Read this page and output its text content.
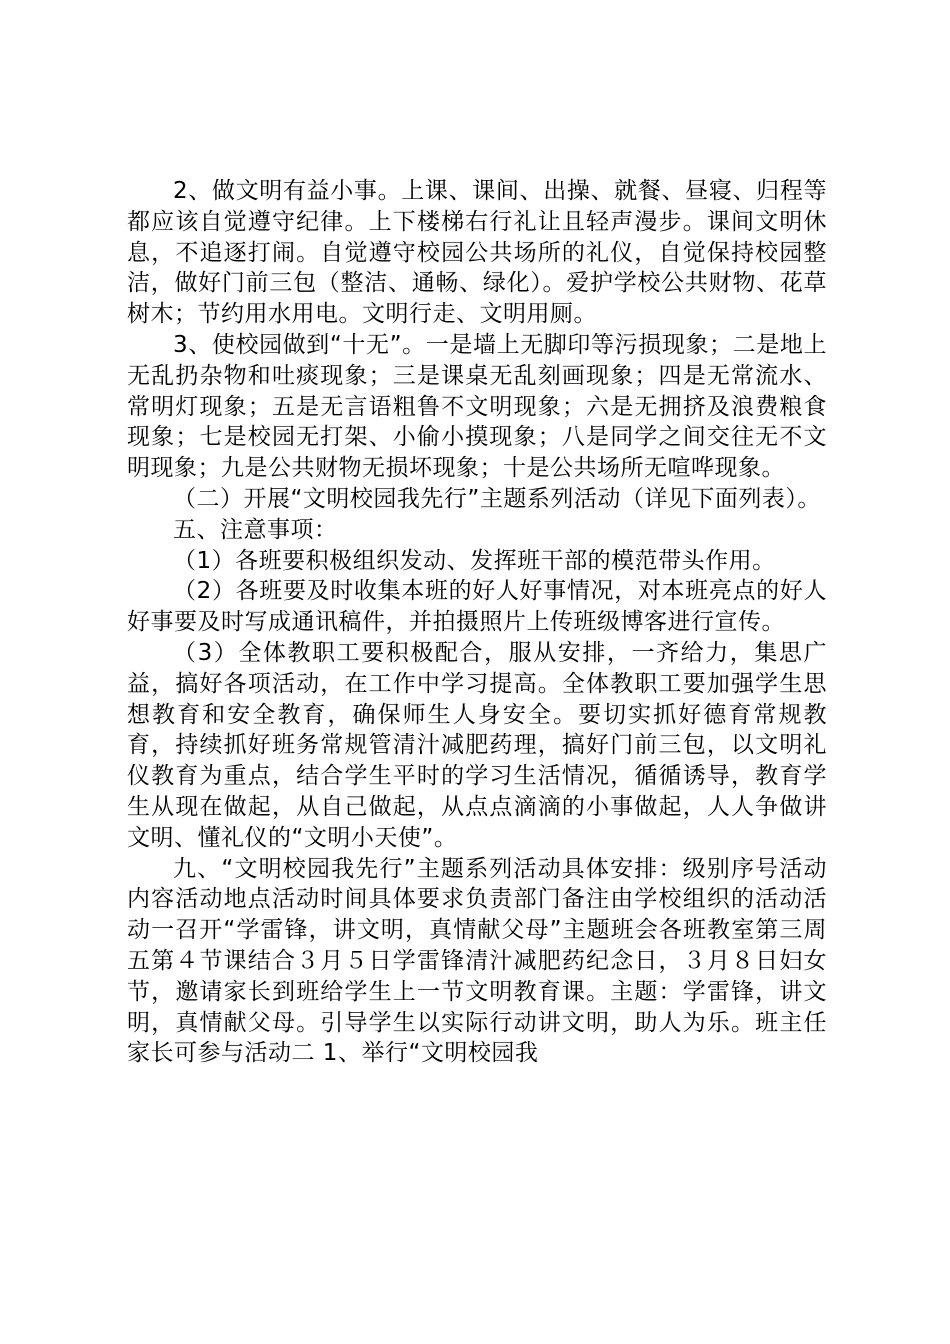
2、做文明有益小事。上课、课间、出操、就餐、昼寝、归程等都应该自觉遵守纪律。上下楼梯右行礼让且轻声漫步。课间文明休息，不追逐打闹。自觉遵守校园公共场所的礼仪，自觉保持校园整洁，做好门前三包（整洁、通畅、绿化）。爱护学校公共财物、花草树木；节约用水用电。文明行走、文明用厕。

3、使校园做到“十无”。一是墙上无脚印等污损现象；二是地上无乱扔杂物和吐痰现象；三是课桌无乱刻画现象；四是无常流水、常明灯现象；五是无言语粗鲁不文明现象；六是无拥挤及浪费粮食现象；七是校园无打架、小偷小摸现象；八是同学之间交往无不文明现象；九是公共财物无损坏现象；十是公共场所无喧哗现象。

（二）开展“文明校园我先行”主题系列活动（详见下面列表）。

五、注意事项：

（1）各班要积极组织发动、发挥班干部的模范带头作用。

（2）各班要及时收集本班的好人好事情况，对本班亮点的好人好事要及时写成通讯稿件，并拍摄照片上传班级博客进行宣传。

（3）全体教职工要积极配合，服从安排，一齐给力，集思广益，搞好各项活动，在工作中学习提高。全体教职工要加强学生思想教育和安全教育，确保师生人身安全。要切实抓好德育常规教育，持续抓好班务常规管清汁减肥药理，搞好门前三包，以文明礼仪教育为重点，结合学生平时的学习生活情况，循循诱导，教育学生从现在做起，从自己做起，从点点滴滴的小事做起，人人争做讲文明、懂礼仪的“文明小天使”。

九、“文明校园我先行”主题系列活动具体安排：级别序号活动内容活动地点活动时间具体要求负责部门备注由学校组织的活动活动一召开“学雷锋，讲文明，真情献父母”主题班会各班教室第三周五第４节课结合３月５日学雷锋清汁减肥药纪念日，３月８日妇女节，邀请家长到班给学生上一节文明教育课。主题：学雷锋，讲文明，真情献父母。引导学生以实际行动讲文明，助人为乐。班主任家长可参与活动二 1、举行“文明校园我
